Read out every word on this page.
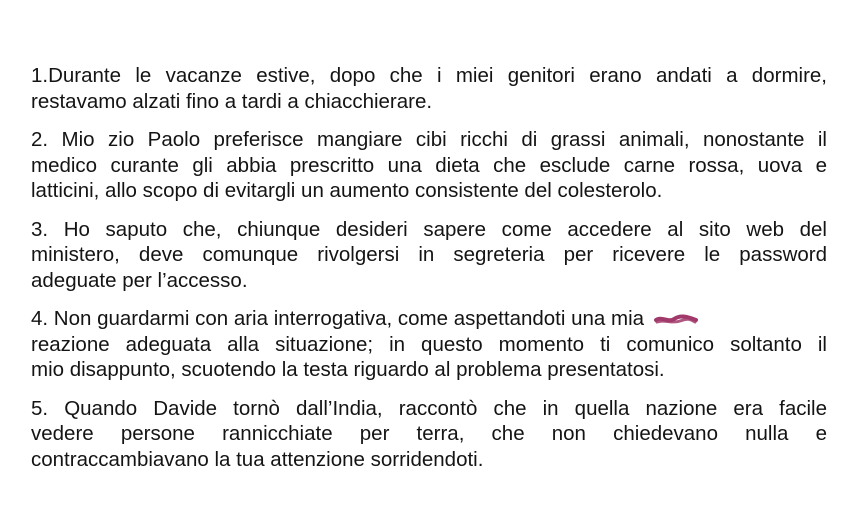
1.Durante le vacanze estive, dopo che i miei genitori erano andati a dormire,
restavamo alzati fino a tardi a chiacchierare.
2. Mio zio Paolo preferisce mangiare cibi ricchi di grassi animali, nonostante il
medico curante gli abbia prescritto una dieta che esclude carne rossa, uova e
latticini, allo scopo di evitargli un aumento consistente del colesterolo.
3. Ho saputo che, chiunque desideri sapere come accedere al sito web del
ministero, deve comunque rivolgersi in segreteria per ricevere le password
adeguate per l’accesso.
4. Non guardarmi con aria interrogativa, come aspettandoti una mia
reazione adeguata alla situazione; in questo momento ti comunico soltanto il
mio disappunto, scuotendo la testa riguardo al problema presentatosi.
5. Quando Davide tornò dall’India, raccontò che in quella nazione era facile
vedere persone rannicchiate per terra, che non chiedevano nulla e
contraccambiavano la tua attenzione sorridendoti.
